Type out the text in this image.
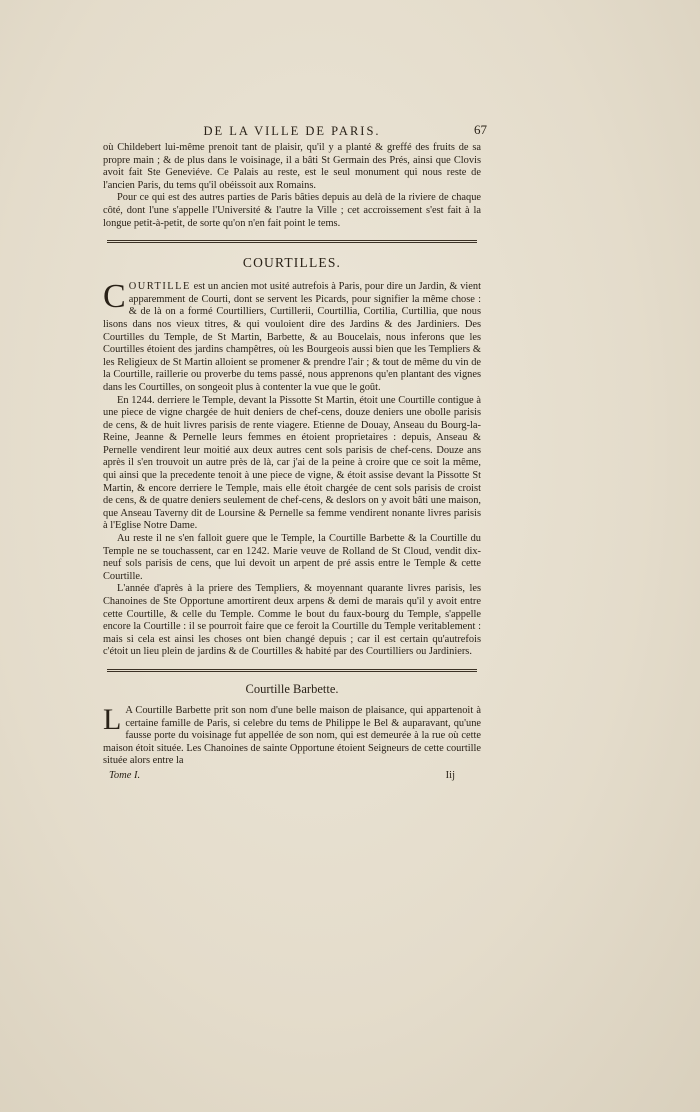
DE LA VILLE DE PARIS.	67

où Childebert lui-même prenoit tant de plaisir, qu'il y a planté & greffé des fruits de sa propre main ; & de plus dans le voisinage, il a bâti St Germain des Prés, ainsi que Clovis avoit fait Ste Geneviéve. Ce Palais au reste, est le seul monument qui nous reste de l'ancien Paris, du tems qu'il obéissoit aux Romains.

Pour ce qui est des autres parties de Paris bâties depuis au delà de la riviere de chaque côté, dont l'une s'appelle l'Université & l'autre la Ville ; cet accroissement s'est fait à la longue petit-à-petit, de sorte qu'on n'en fait point le tems.

COURTILLES.

COURTILLE est un ancien mot usité autrefois à Paris, pour dire un Jardin, & vient apparemment de Courti, dont se servent les Picards, pour signifier la même chose : & de là on a formé Courtilliers, Curtillerii, Courtillia, Cortilia, Curtillia, que nous lisons dans nos vieux titres, & qui vouloient dire des Jardins & des Jardiniers. Des Courtilles du Temple, de St Martin, Barbette, & au Boucelais, nous inferons que les Courtilles étoient des jardins champêtres, où les Bourgeois aussi bien que les Templiers & les Religieux de St Martin alloient se promener & prendre l'air ; & tout de même du vin de la Courtille, raillerie ou proverbe du tems passé, nous apprenons qu'en plantant des vignes dans les Courtilles, on songeoit plus à contenter la vue que le goût.

En 1244. derriere le Temple, devant la Pissotte St Martin, étoit une Courtille contigue à une piece de vigne chargée de huit deniers de chef-cens, douze deniers une obolle parisis de cens, & de huit livres parisis de rente viagere. Etienne de Douay, Anseau du Bourg-la-Reine, Jeanne & Pernelle leurs femmes en étoient proprietaires : depuis, Anseau & Pernelle vendirent leur moitié aux deux autres cent sols parisis de chef-cens. Douze ans après il s'en trouvoit un autre près de là, car j'ai de la peine à croire que ce soit la même, qui ainsi que la precedente tenoit à une piece de vigne, & étoit assise devant la Pissotte St Martin, & encore derriere le Temple, mais elle étoit chargée de cent sols parisis de croist de cens, & de quatre deniers seulement de chef-cens, & deslors on y avoit bâti une maison, que Anseau Taverny dit de Loursine & Pernelle sa femme vendirent nonante livres parisis à l'Eglise Notre Dame.

Au reste il ne s'en falloit guere que le Temple, la Courtille Barbette & la Courtille du Temple ne se touchassent, car en 1242. Marie veuve de Rolland de St Cloud, vendit dix-neuf sols parisis de cens, que lui devoit un arpent de pré assis entre le Temple & cette Courtille.

L'année d'après à la priere des Templiers, & moyennant quarante livres parisis, les Chanoines de Ste Opportune amortirent deux arpens & demi de marais qu'il y avoit entre cette Courtille, & celle du Temple. Comme le bout du faux-bourg du Temple, s'appelle encore la Courtille : il se pourroit faire que ce feroit la Courtille du Temple veritablement : mais si cela est ainsi les choses ont bien changé depuis ; car il est certain qu'autrefois c'étoit un lieu plein de jardins & de Courtilles & habité par des Courtilliers ou Jardiniers.

Courtille Barbette.

L A Courtille Barbette prit son nom d'une belle maison de plaisance, qui appartenoit à certaine famille de Paris, si celebre du tems de Philippe le Bel & auparavant, qu'une fausse porte du voisinage fut appellée de son nom, qui est demeurée à la rue où cette maison étoit située. Les Chanoines de sainte Opportune étoient Seigneurs de cette courtille située alors entre la

Tome I.	Iij
